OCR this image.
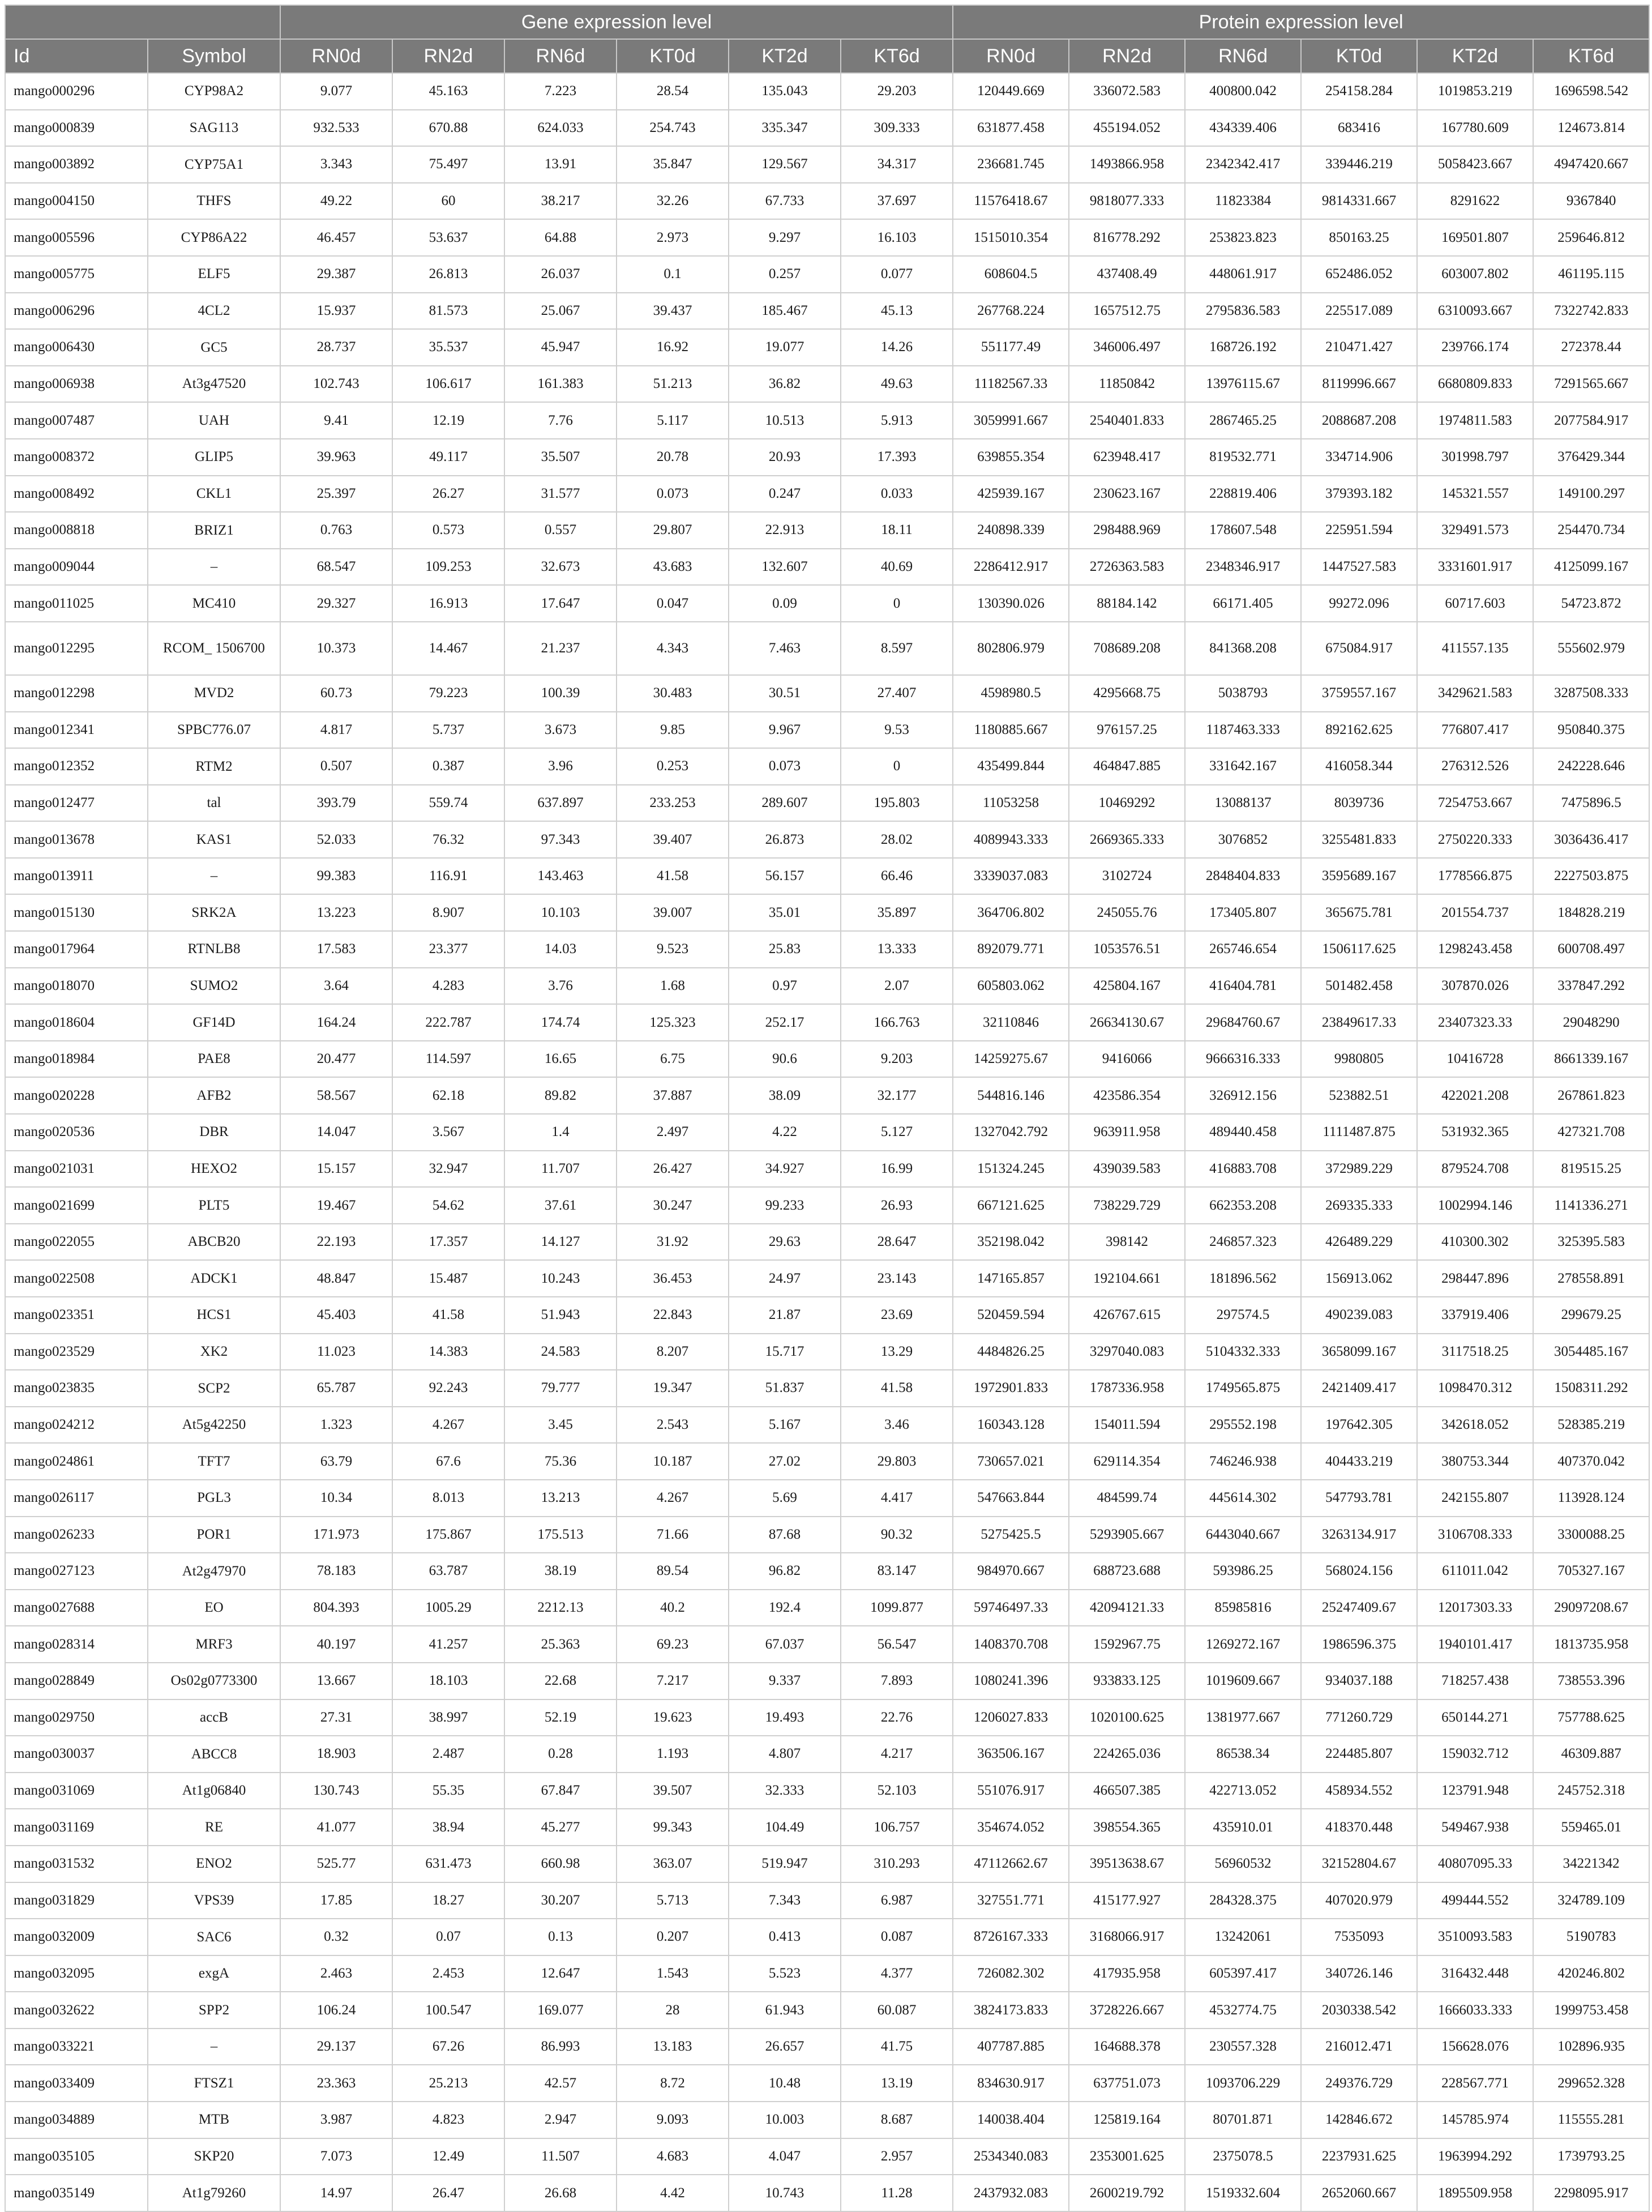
		Gene expression level						Protein expression level					
Id	Symbol	RN0d	RN2d	RN6d	KT0d	KT2d	KT6d	RN0d	RN2d	RN6d	KT0d	KT2d	KT6d
mango000296	CYP98A2	9.077	45.163	7.223	28.54	135.043	29.203	120449.669	336072.583	400800.042	254158.284	1019853.219	1696598.542
mango000839	SAG113	932.533	670.88	624.033	254.743	335.347	309.333	631877.458	455194.052	434339.406	683416	167780.609	124673.814
mango003892	CYP75A1	3.343	75.497	13.91	35.847	129.567	34.317	236681.745	1493866.958	2342342.417	339446.219	5058423.667	4947420.667
mango004150	THFS	49.22	60	38.217	32.26	67.733	37.697	11576418.67	9818077.333	11823384	9814331.667	8291622	9367840
mango005596	CYP86A22	46.457	53.637	64.88	2.973	9.297	16.103	1515010.354	816778.292	253823.823	850163.25	169501.807	259646.812
mango005775	ELF5	29.387	26.813	26.037	0.1	0.257	0.077	608604.5	437408.49	448061.917	652486.052	603007.802	461195.115
mango006296	4CL2	15.937	81.573	25.067	39.437	185.467	45.13	267768.224	1657512.75	2795836.583	225517.089	6310093.667	7322742.833
mango006430	GC5	28.737	35.537	45.947	16.92	19.077	14.26	551177.49	346006.497	168726.192	210471.427	239766.174	272378.44
mango006938	At3g47520	102.743	106.617	161.383	51.213	36.82	49.63	11182567.33	11850842	13976115.67	8119996.667	6680809.833	7291565.667
mango007487	UAH	9.41	12.19	7.76	5.117	10.513	5.913	3059991.667	2540401.833	2867465.25	2088687.208	1974811.583	2077584.917
mango008372	GLIP5	39.963	49.117	35.507	20.78	20.93	17.393	639855.354	623948.417	819532.771	334714.906	301998.797	376429.344
mango008492	CKL1	25.397	26.27	31.577	0.073	0.247	0.033	425939.167	230623.167	228819.406	379393.182	145321.557	149100.297
mango008818	BRIZ1	0.763	0.573	0.557	29.807	22.913	18.11	240898.339	298488.969	178607.548	225951.594	329491.573	254470.734
mango009044	–	68.547	109.253	32.673	43.683	132.607	40.69	2286412.917	2726363.583	2348346.917	1447527.583	3331601.917	4125099.167
mango011025	MC410	29.327	16.913	17.647	0.047	0.09	0	130390.026	88184.142	66171.405	99272.096	60717.603	54723.872
mango012295	RCOM_ 1506700	10.373	14.467	21.237	4.343	7.463	8.597	802806.979	708689.208	841368.208	675084.917	411557.135	555602.979
mango012298	MVD2	60.73	79.223	100.39	30.483	30.51	27.407	4598980.5	4295668.75	5038793	3759557.167	3429621.583	3287508.333
mango012341	SPBC776.07	4.817	5.737	3.673	9.85	9.967	9.53	1180885.667	976157.25	1187463.333	892162.625	776807.417	950840.375
mango012352	RTM2	0.507	0.387	3.96	0.253	0.073	0	435499.844	464847.885	331642.167	416058.344	276312.526	242228.646
mango012477	tal	393.79	559.74	637.897	233.253	289.607	195.803	11053258	10469292	13088137	8039736	7254753.667	7475896.5
mango013678	KAS1	52.033	76.32	97.343	39.407	26.873	28.02	4089943.333	2669365.333	3076852	3255481.833	2750220.333	3036436.417
mango013911	–	99.383	116.91	143.463	41.58	56.157	66.46	3339037.083	3102724	2848404.833	3595689.167	1778566.875	2227503.875
mango015130	SRK2A	13.223	8.907	10.103	39.007	35.01	35.897	364706.802	245055.76	173405.807	365675.781	201554.737	184828.219
mango017964	RTNLB8	17.583	23.377	14.03	9.523	25.83	13.333	892079.771	1053576.51	265746.654	1506117.625	1298243.458	600708.497
mango018070	SUMO2	3.64	4.283	3.76	1.68	0.97	2.07	605803.062	425804.167	416404.781	501482.458	307870.026	337847.292
mango018604	GF14D	164.24	222.787	174.74	125.323	252.17	166.763	32110846	26634130.67	29684760.67	23849617.33	23407323.33	29048290
mango018984	PAE8	20.477	114.597	16.65	6.75	90.6	9.203	14259275.67	9416066	9666316.333	9980805	10416728	8661339.167
mango020228	AFB2	58.567	62.18	89.82	37.887	38.09	32.177	544816.146	423586.354	326912.156	523882.51	422021.208	267861.823
mango020536	DBR	14.047	3.567	1.4	2.497	4.22	5.127	1327042.792	963911.958	489440.458	1111487.875	531932.365	427321.708
mango021031	HEXO2	15.157	32.947	11.707	26.427	34.927	16.99	151324.245	439039.583	416883.708	372989.229	879524.708	819515.25
mango021699	PLT5	19.467	54.62	37.61	30.247	99.233	26.93	667121.625	738229.729	662353.208	269335.333	1002994.146	1141336.271
mango022055	ABCB20	22.193	17.357	14.127	31.92	29.63	28.647	352198.042	398142	246857.323	426489.229	410300.302	325395.583
mango022508	ADCK1	48.847	15.487	10.243	36.453	24.97	23.143	147165.857	192104.661	181896.562	156913.062	298447.896	278558.891
mango023351	HCS1	45.403	41.58	51.943	22.843	21.87	23.69	520459.594	426767.615	297574.5	490239.083	337919.406	299679.25
mango023529	XK2	11.023	14.383	24.583	8.207	15.717	13.29	4484826.25	3297040.083	5104332.333	3658099.167	3117518.25	3054485.167
mango023835	SCP2	65.787	92.243	79.777	19.347	51.837	41.58	1972901.833	1787336.958	1749565.875	2421409.417	1098470.312	1508311.292
mango024212	At5g42250	1.323	4.267	3.45	2.543	5.167	3.46	160343.128	154011.594	295552.198	197642.305	342618.052	528385.219
mango024861	TFT7	63.79	67.6	75.36	10.187	27.02	29.803	730657.021	629114.354	746246.938	404433.219	380753.344	407370.042
mango026117	PGL3	10.34	8.013	13.213	4.267	5.69	4.417	547663.844	484599.74	445614.302	547793.781	242155.807	113928.124
mango026233	POR1	171.973	175.867	175.513	71.66	87.68	90.32	5275425.5	5293905.667	6443040.667	3263134.917	3106708.333	3300088.25
mango027123	At2g47970	78.183	63.787	38.19	89.54	96.82	83.147	984970.667	688723.688	593986.25	568024.156	611011.042	705327.167
mango027688	EO	804.393	1005.29	2212.13	40.2	192.4	1099.877	59746497.33	42094121.33	85985816	25247409.67	12017303.33	29097208.67
mango028314	MRF3	40.197	41.257	25.363	69.23	67.037	56.547	1408370.708	1592967.75	1269272.167	1986596.375	1940101.417	1813735.958
mango028849	Os02g0773300	13.667	18.103	22.68	7.217	9.337	7.893	1080241.396	933833.125	1019609.667	934037.188	718257.438	738553.396
mango029750	accB	27.31	38.997	52.19	19.623	19.493	22.76	1206027.833	1020100.625	1381977.667	771260.729	650144.271	757788.625
mango030037	ABCC8	18.903	2.487	0.28	1.193	4.807	4.217	363506.167	224265.036	86538.34	224485.807	159032.712	46309.887
mango031069	At1g06840	130.743	55.35	67.847	39.507	32.333	52.103	551076.917	466507.385	422713.052	458934.552	123791.948	245752.318
mango031169	RE	41.077	38.94	45.277	99.343	104.49	106.757	354674.052	398554.365	435910.01	418370.448	549467.938	559465.01
mango031532	ENO2	525.77	631.473	660.98	363.07	519.947	310.293	47112662.67	39513638.67	56960532	32152804.67	40807095.33	34221342
mango031829	VPS39	17.85	18.27	30.207	5.713	7.343	6.987	327551.771	415177.927	284328.375	407020.979	499444.552	324789.109
mango032009	SAC6	0.32	0.07	0.13	0.207	0.413	0.087	8726167.333	3168066.917	13242061	7535093	3510093.583	5190783
mango032095	exgA	2.463	2.453	12.647	1.543	5.523	4.377	726082.302	417935.958	605397.417	340726.146	316432.448	420246.802
mango032622	SPP2	106.24	100.547	169.077	28	61.943	60.087	3824173.833	3728226.667	4532774.75	2030338.542	1666033.333	1999753.458
mango033221	–	29.137	67.26	86.993	13.183	26.657	41.75	407787.885	164688.378	230557.328	216012.471	156628.076	102896.935
mango033409	FTSZ1	23.363	25.213	42.57	8.72	10.48	13.19	834630.917	637751.073	1093706.229	249376.729	228567.771	299652.328
mango034889	MTB	3.987	4.823	2.947	9.093	10.003	8.687	140038.404	125819.164	80701.871	142846.672	145785.974	115555.281
mango035105	SKP20	7.073	12.49	11.507	4.683	4.047	2.957	2534340.083	2353001.625	2375078.5	2237931.625	1963994.292	1739793.25
mango035149	At1g79260	14.97	26.47	26.68	4.42	10.743	11.28	2437932.083	2600219.792	1519332.604	2652060.667	1895509.958	2298095.917
